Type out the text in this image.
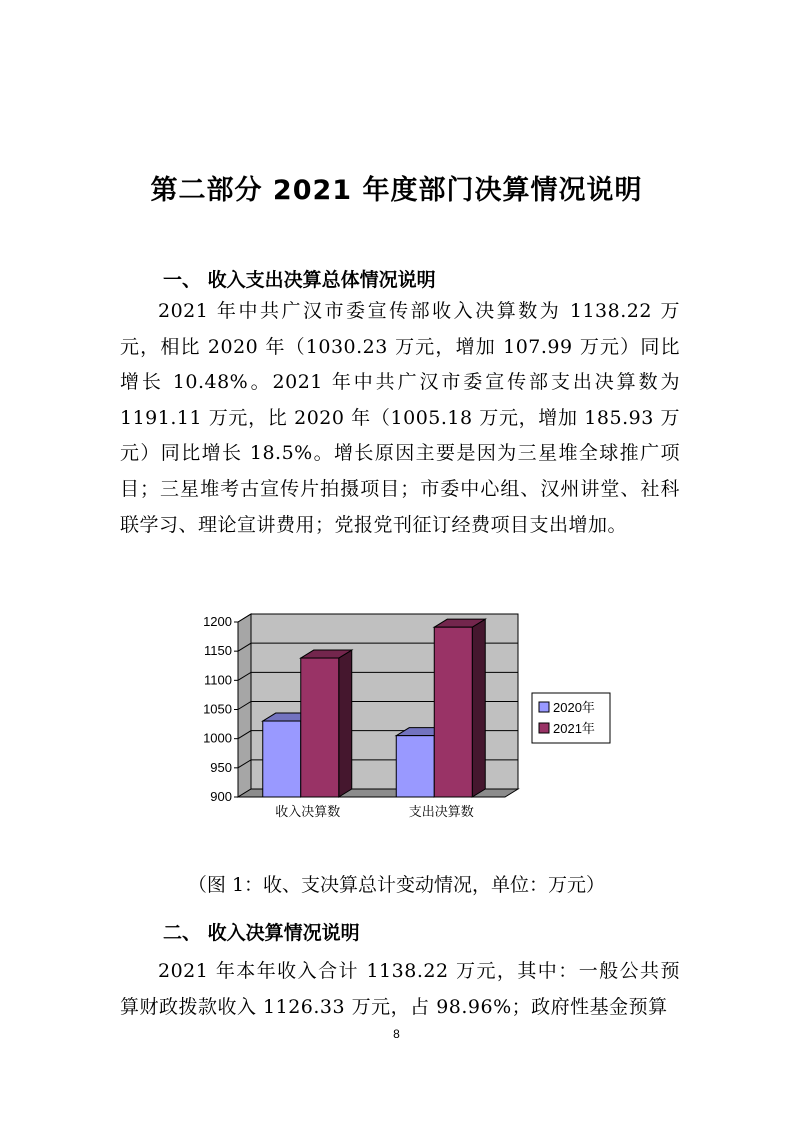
第二部分 2021 年度部门决算情况说明
一、 收入支出决算总体情况说明
2021 年中共广汉市委宣传部收入决算数为 1138.22 万元，相比 2020 年（1030.23 万元，增加 107.99 万元）同比增长 10.48%。2021 年中共广汉市委宣传部支出决算数为 1191.11 万元，比 2020 年（1005.18 万元，增加 185.93 万元）同比增长 18.5%。增长原因主要是因为三星堆全球推广项目；三星堆考古宣传片拍摄项目；市委中心组、汉州讲堂、社科联学习、理论宣讲费用；党报党刊征订经费项目支出增加。
900
950
1000
1050
1100
1150
1200
收入决算数	支出决算数
2020年
2021年
（图 1：收、支决算总计变动情况，单位：万元）
二、 收入决算情况说明
2021 年本年收入合计 1138.22 万元，其中：一般公共预算财政拨款收入 1126.33 万元，占 98.96%；政府性基金预算
8
